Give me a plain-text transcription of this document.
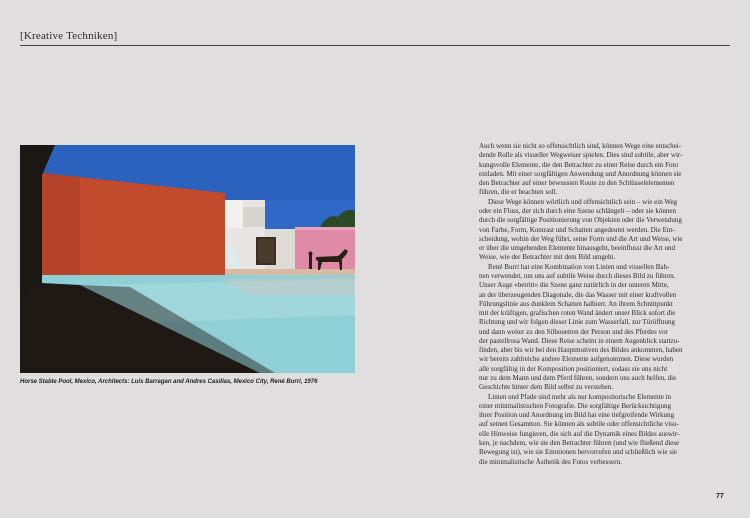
[Kreative Techniken]
Horse Stable Pool, Mexico, Architects: Luis Barragan and Andres Casillas, Mexico City, René Burri, 1976
Auch wenn sie nicht so offensichtlich sind, können Wege eine entschei-
dende Rolle als visueller Wegweiser spielen. Dies sind subtile, aber wir-
kungsvolle Elemente, die den Betrachter zu einer Reise durch ein Foto
einladen. Mit einer sorgfältigen Anwendung und Anordnung können sie
den Betrachter auf einer bewussten Route zu den Schlüsselelementen
führen, die er beachten soll.
Diese Wege können wörtlich und offensichtlich sein – wie ein Weg
oder ein Fluss, der sich durch eine Szene schlängelt – oder sie können
durch die sorgfältige Positionierung von Objekten oder die Verwendung
von Farbe, Form, Kontrast und Schatten angedeutet werden. Die Ent-
scheidung, wohin der Weg führt, seine Form und die Art und Weise, wie
er über die umgebenden Elemente hinausgeht, beeinflusst die Art und
Weise, wie der Betrachter mit dem Bild umgeht.
René Burri hat eine Kombination von Linien und visuellen Bah-
nen verwendet, um uns auf subtile Weise durch dieses Bild zu führen.
Unser Auge »betritt« die Szene ganz natürlich in der unteren Mitte,
an der überzeugenden Diagonale, die das Wasser mit einer kraftvollen
Führungslinie aus dunklem Schatten halbiert. An ihrem Schnittpunkt
mit der kräftigen, grafischen roten Wand ändert unser Blick sofort die
Richtung und wir folgen dieser Linie zum Wasserfall, zur Türöffnung
und dann weiter zu den Silhouetten der Person und des Pferdes vor
der pastellrosa Wand. Diese Reise scheint in einem Augenblick stattzu-
finden, aber bis wir bei den Hauptmotiven des Bildes ankommen, haben
wir bereits zahlreiche andere Elemente aufgenommen. Diese wurden
alle sorgfältig in der Komposition positioniert, sodass sie uns nicht
nur zu dem Mann und dem Pferd führen, sondern uns auch helfen, die
Geschichte hinter dem Bild selbst zu verstehen.
Linien und Pfade sind mehr als nur kompositorische Elemente in
einer minimalistischen Fotografie. Die sorgfältige Berücksichtigung
ihrer Position und Anordnung im Bild hat eine tiefgreifende Wirkung
auf seinen Gesamtton. Sie können als subtile oder offensichtliche visu-
elle Hinweise fungieren, die sich auf die Dynamik eines Bildes auswir-
ken, je nachdem, wie sie den Betrachter führen (und wie fließend diese
Bewegung ist), wie sie Emotionen hervorrufen und schließlich wie sie
die minimalistische Ästhetik des Fotos verbessern.
77
